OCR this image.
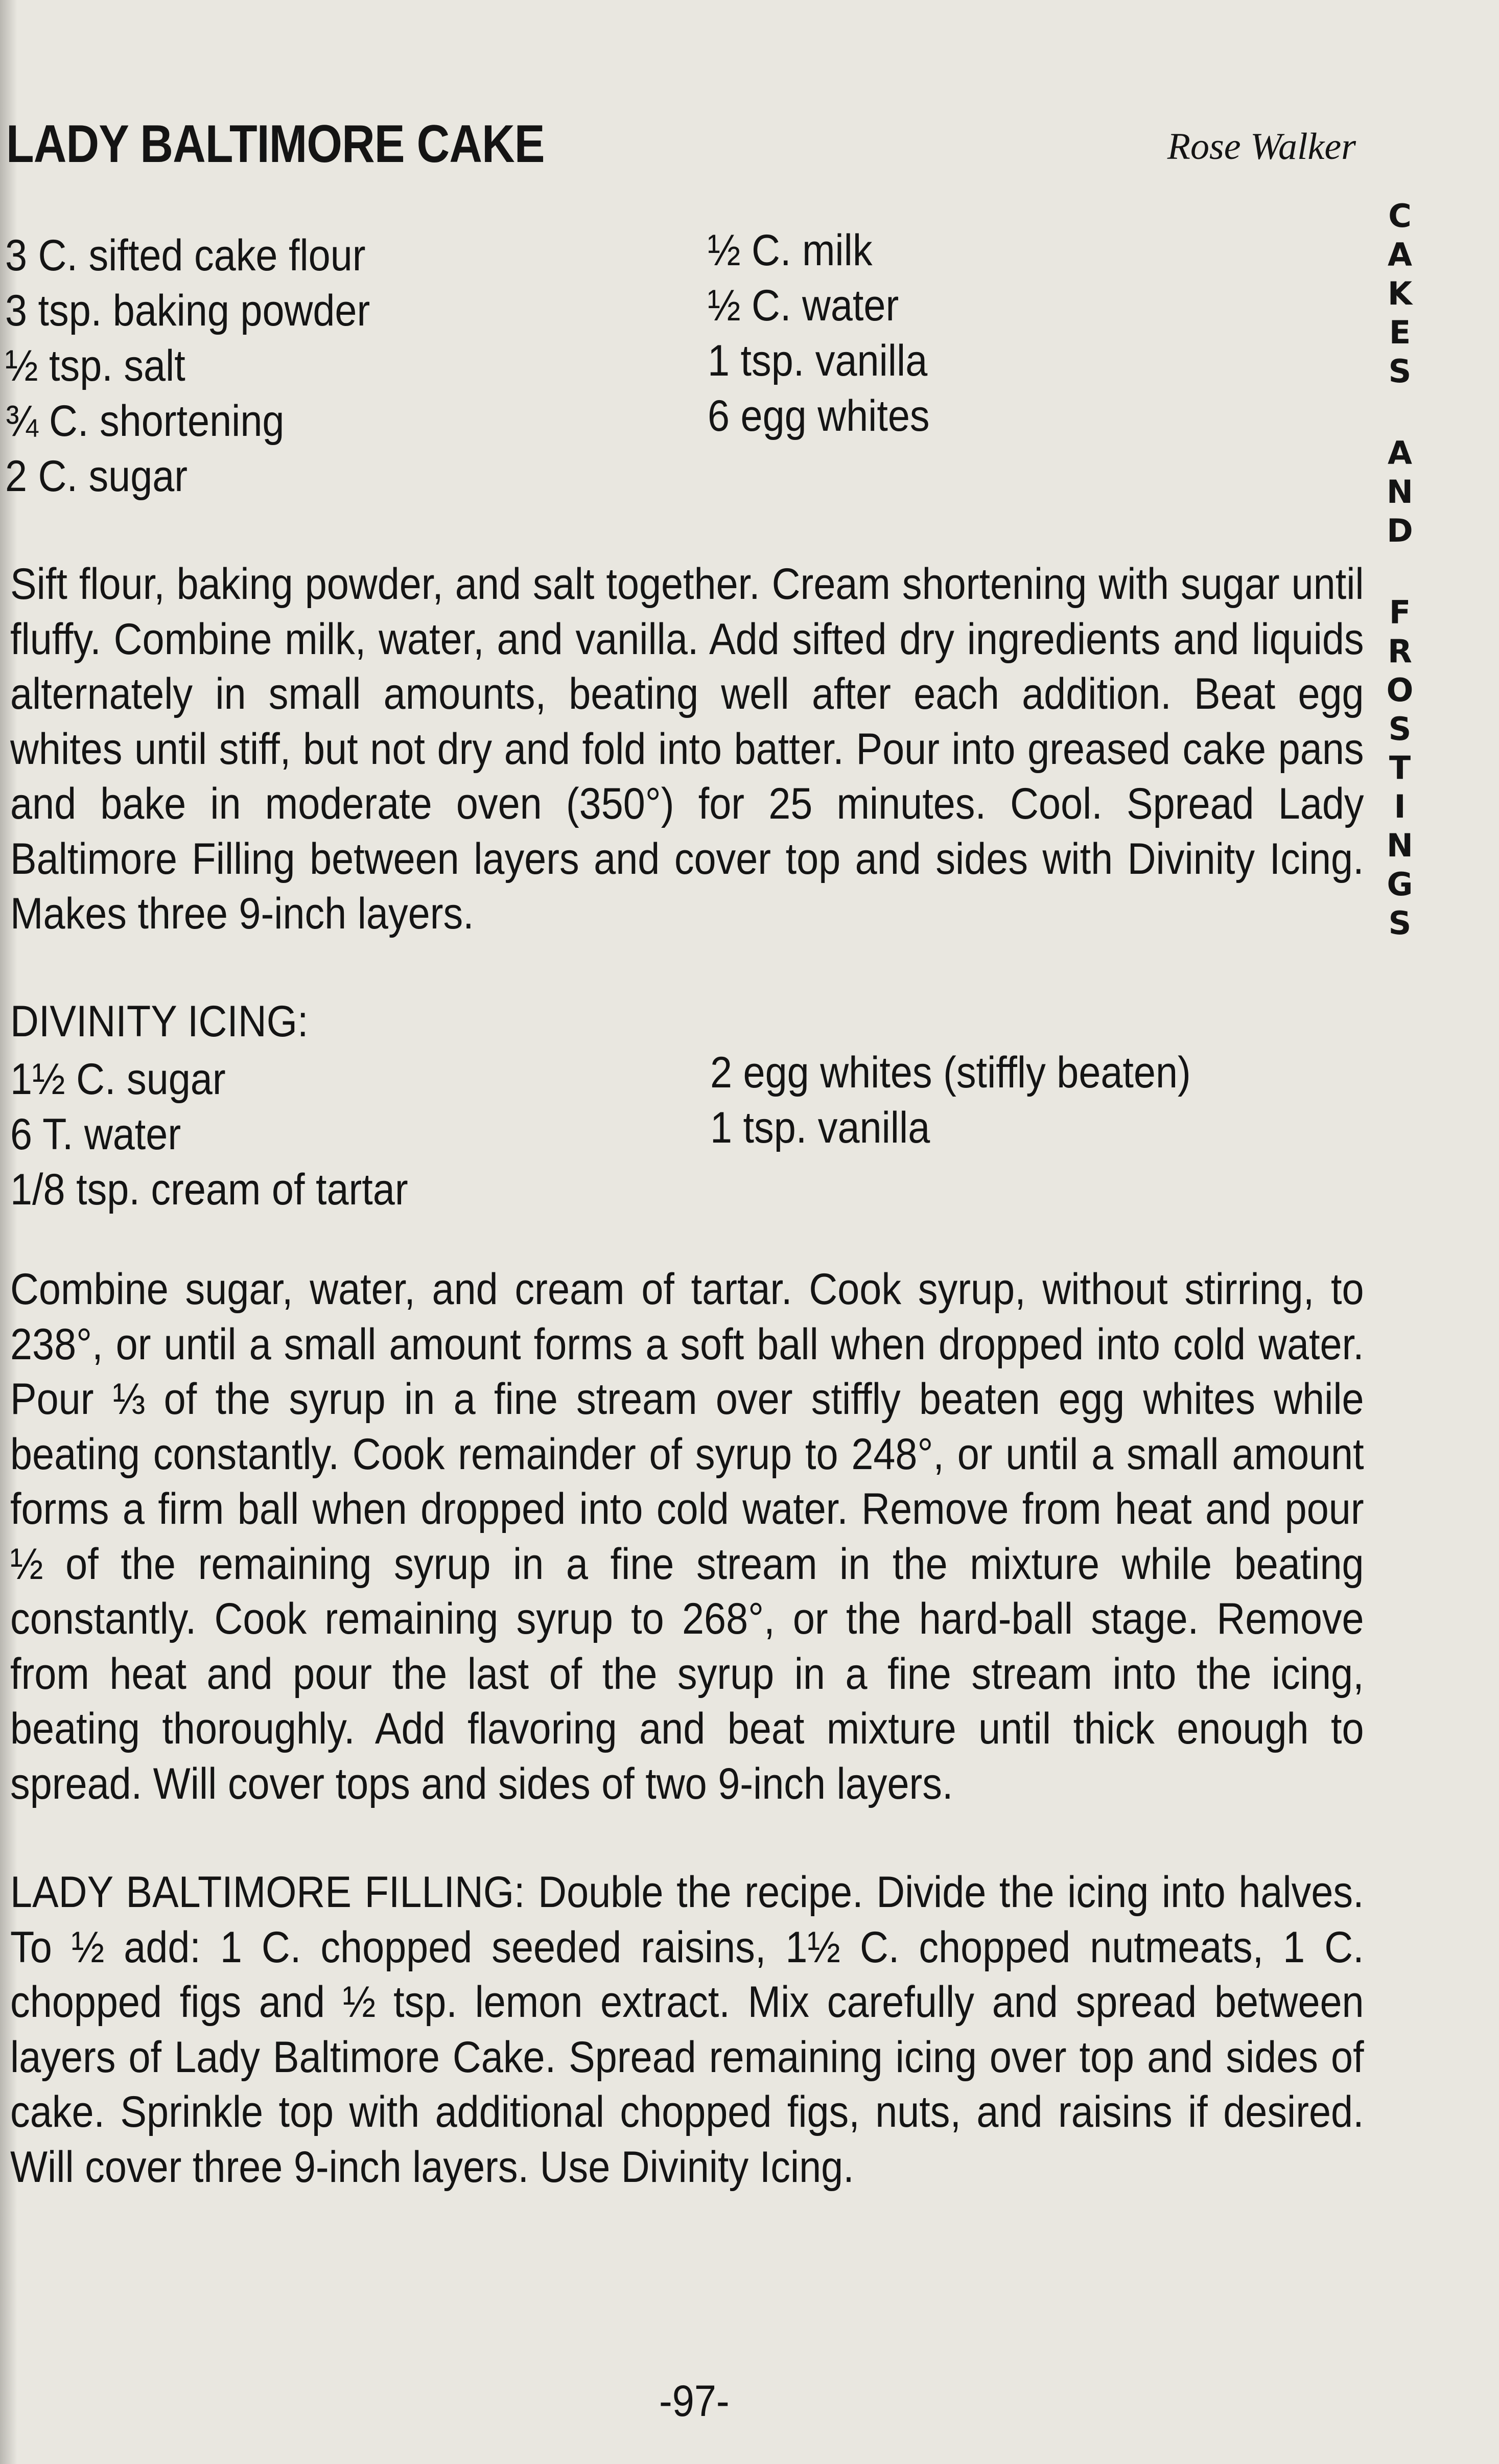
LADY BALTIMORE CAKE	Rose Walker
C
A
K
E
S
A
N
D
F
R
O
S
T
I
N
G
S
3 C. sifted cake flour
3 tsp. baking powder
½ tsp. salt
¾ C. shortening
2 C. sugar
½ C. milk
½ C. water
1 tsp. vanilla
6 egg whites

Sift flour, baking powder, and salt together. Cream shortening with sugar until fluffy. Combine milk, water, and vanilla. Add sifted dry ingredients and liquids alternately in small amounts, beating well after each addition. Beat egg whites until stiff, but not dry and fold into batter. Pour into greased cake pans and bake in moderate oven (350°) for 25 minutes. Cool. Spread Lady Baltimore Filling between layers and cover top and sides with Divinity Icing. Makes three 9-inch layers.

DIVINITY ICING:
1½ C. sugar
6 T. water
1/8 tsp. cream of tartar
2 egg whites (stiffly beaten)
1 tsp. vanilla

Combine sugar, water, and cream of tartar. Cook syrup, without stirring, to 238°, or until a small amount forms a soft ball when dropped into cold water. Pour ⅓ of the syrup in a fine stream over stiffly beaten egg whites while beating constantly. Cook remainder of syrup to 248°, or until a small amount forms a firm ball when dropped into cold water. Remove from heat and pour ½ of the remaining syrup in a fine stream in the mixture while beating constantly. Cook remaining syrup to 268°, or the hard-ball stage. Remove from heat and pour the last of the syrup in a fine stream into the icing, beating thoroughly. Add flavoring and beat mixture until thick enough to spread. Will cover tops and sides of two 9-inch layers.

LADY BALTIMORE FILLING: Double the recipe. Divide the icing into halves. To ½ add: 1 C. chopped seeded raisins, 1½ C. chopped nutmeats, 1 C. chopped figs and ½ tsp. lemon extract. Mix carefully and spread between layers of Lady Baltimore Cake. Spread remaining icing over top and sides of cake. Sprinkle top with additional chopped figs, nuts, and raisins if desired. Will cover three 9-inch layers. Use Divinity Icing.

-97-
